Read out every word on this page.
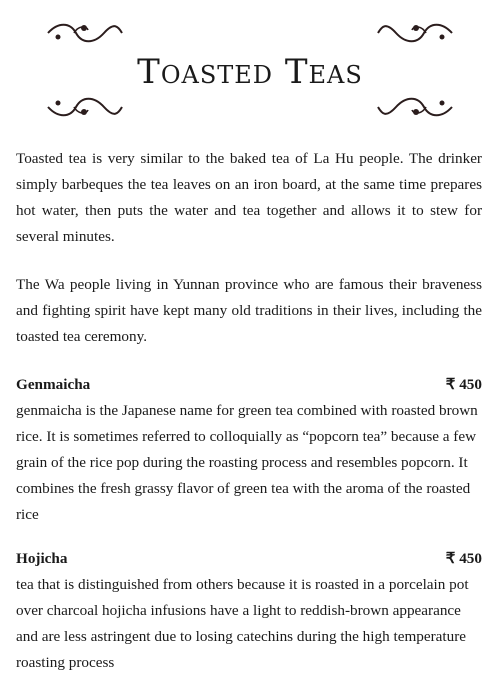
Toasted Teas

Toasted tea is very similar to the baked tea of La Hu people. The drinker simply barbeques the tea leaves on an iron board, at the same time prepares hot water, then puts the water and tea together and allows it to stew for several minutes.

The Wa people living in Yunnan province who are famous their braveness and fighting spirit have kept many old traditions in their lives, including the toasted tea ceremony.

Genmaicha	₹ 450

genmaicha is the Japanese name for green tea combined with roasted brown rice. It is sometimes referred to colloquially as “popcorn tea” because a few grain of the rice pop during the roasting process and resembles popcorn. It combines the fresh grassy flavor of green tea with the aroma of the roasted rice

Hojicha	₹ 450

tea that is distinguished from others because it is roasted in a porcelain pot over charcoal hojicha infusions have a light to reddish-brown appearance and are less astringent due to losing catechins during the high temperature roasting process
